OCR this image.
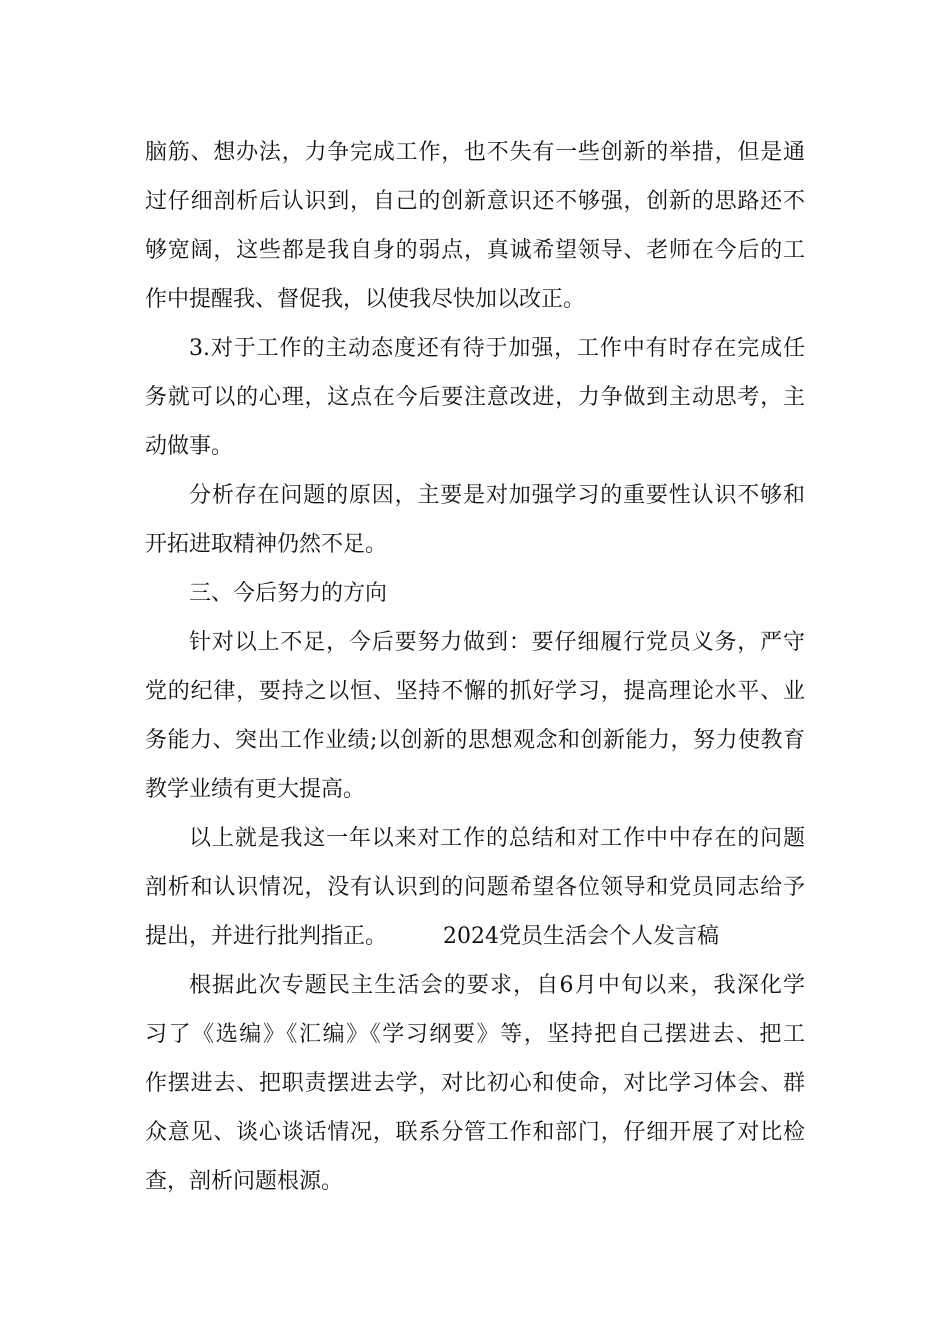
脑筋、想办法，力争完成工作，也不失有一些创新的举措，但是通
过仔细剖析后认识到，自己的创新意识还不够强，创新的思路还不
够宽阔，这些都是我自身的弱点，真诚希望领导、老师在今后的工
作中提醒我、督促我，以使我尽快加以改正。
3.对于工作的主动态度还有待于加强，工作中有时存在完成任
务就可以的心理，这点在今后要注意改进，力争做到主动思考，主
动做事。
分析存在问题的原因，主要是对加强学习的重要性认识不够和
开拓进取精神仍然不足。
三、今后努力的方向
针对以上不足，今后要努力做到：要仔细履行党员义务，严守
党的纪律，要持之以恒、坚持不懈的抓好学习，提高理论水平、业
务能力、突出工作业绩;以创新的思想观念和创新能力，努力使教育
教学业绩有更大提高。
以上就是我这一年以来对工作的总结和对工作中中存在的问题
剖析和认识情况，没有认识到的问题希望各位领导和党员同志给予
提出，并进行批判指正。	2024党员生活会个人发言稿
根据此次专题民主生活会的要求，自6月中旬以来，我深化学
习了《选编》《汇编》《学习纲要》等，坚持把自己摆进去、把工
作摆进去、把职责摆进去学，对比初心和使命，对比学习体会、群
众意见、谈心谈话情况，联系分管工作和部门，仔细开展了对比检
查，剖析问题根源。
